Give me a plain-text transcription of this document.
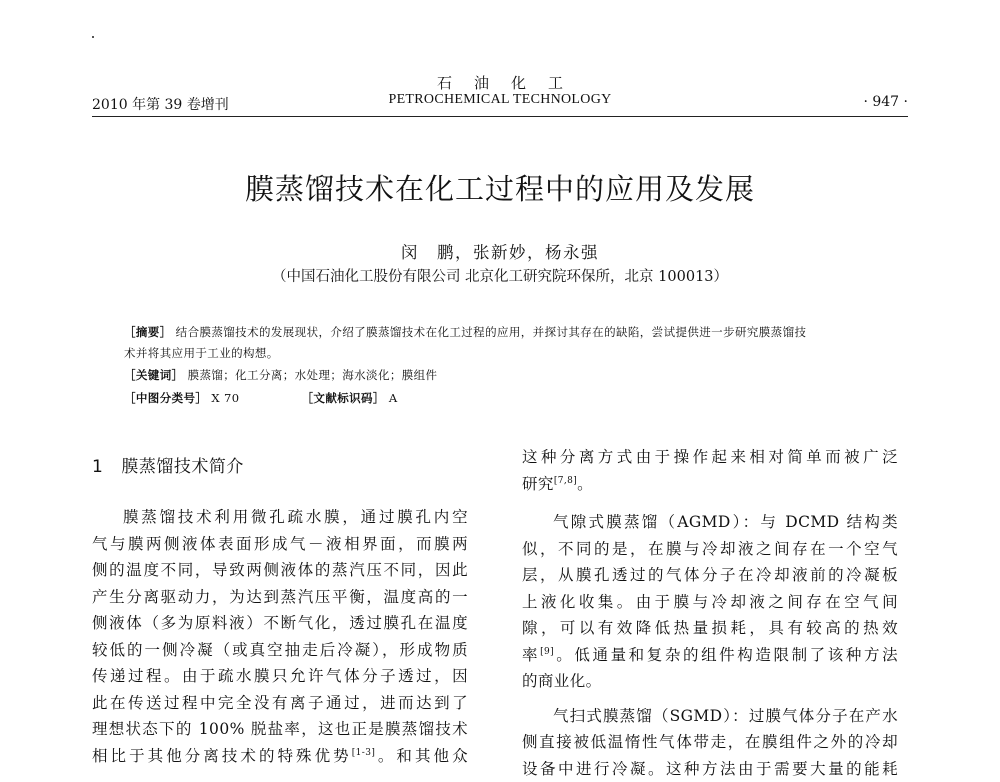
石油化工
2010 年第 39 卷增刊	PETROCHEMICAL TECHNOLOGY	· 947 ·
膜蒸馏技术在化工过程中的应用及发展
闵　鹏，张新妙，杨永强
（中国石油化工股份有限公司 北京化工研究院环保所，北京 100013）
［摘要］ 结合膜蒸馏技术的发展现状，介绍了膜蒸馏技术在化工过程的应用，并探讨其存在的缺陷，尝试提供进一步研究膜蒸馏技
术并将其应用于工业的构想。
［关键词］ 膜蒸馏；化工分离；水处理；海水淡化；膜组件
［中图分类号］ X 70	［文献标识码］ A
1 膜蒸馏技术简介

膜蒸馏技术利用微孔疏水膜，通过膜孔内空

气与膜两侧液体表面形成气－液相界面，而膜两

侧的温度不同，导致两侧液体的蒸汽压不同，因此

产生分离驱动力，为达到蒸汽压平衡，温度高的一

侧液体（多为原料液）不断气化，透过膜孔在温度

较低的一侧冷凝（或真空抽走后冷凝），形成物质

传递过程。由于疏水膜只允许气体分子透过，因

此在传送过程中完全没有离子通过，进而达到了

理想状态下的 100% 脱盐率，这也正是膜蒸馏技术

相比于其他分离技术的特殊优势[1-3]。和其他众

这种分离方式由于操作起来相对简单而被广泛

研究[7,8]。

气隙式膜蒸馏（AGMD）：与 DCMD 结构类

似，不同的是，在膜与冷却液之间存在一个空气

层，从膜孔透过的气体分子在冷却液前的冷凝板

上液化收集。由于膜与冷却液之间存在空气间

隙，可以有效降低热量损耗，具有较高的热效

率[9]。低通量和复杂的组件构造限制了该种方法

的商业化。

气扫式膜蒸馏（SGMD）：过膜气体分子在产水

侧直接被低温惰性气体带走，在膜组件之外的冷却

设备中进行冷凝。这种方法由于需要大量的能耗
